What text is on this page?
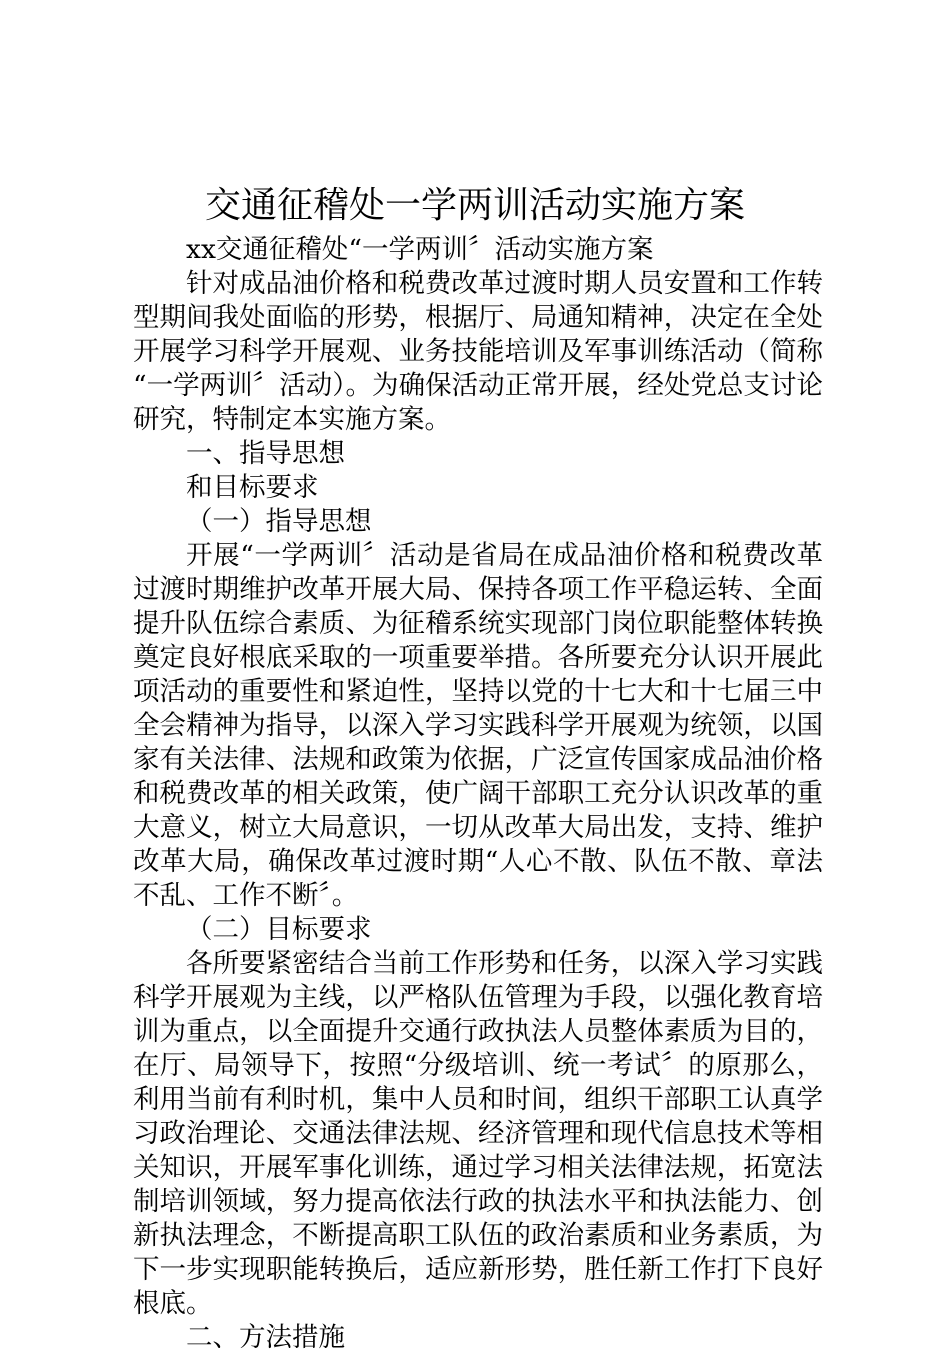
交通征稽处一学两训活动实施方案

xx交通征稽处“一学两训〞活动实施方案

针对成品油价格和税费改革过渡时期人员安置和工作转型期间我处面临的形势，根据厅、局通知精神，决定在全处开展学习科学开展观、业务技能培训及军事训练活动（简称“一学两训〞活动）。为确保活动正常开展，经处党总支讨论研究，特制定本实施方案。

一、指导思想

和目标要求

（一）指导思想

开展“一学两训〞活动是省局在成品油价格和税费改革过渡时期维护改革开展大局、保持各项工作平稳运转、全面提升队伍综合素质、为征稽系统实现部门岗位职能整体转换奠定良好根底采取的一项重要举措。各所要充分认识开展此项活动的重要性和紧迫性，坚持以党的十七大和十七届三中全会精神为指导，以深入学习实践科学开展观为统领，以国家有关法律、法规和政策为依据，广泛宣传国家成品油价格和税费改革的相关政策，使广阔干部职工充分认识改革的重大意义，树立大局意识，一切从改革大局出发，支持、维护改革大局，确保改革过渡时期“人心不散、队伍不散、章法不乱、工作不断〞。

（二）目标要求

各所要紧密结合当前工作形势和任务，以深入学习实践科学开展观为主线，以严格队伍管理为手段，以强化教育培训为重点，以全面提升交通行政执法人员整体素质为目的，在厅、局领导下，按照“分级培训、统一考试〞的原那么，利用当前有利时机，集中人员和时间，组织干部职工认真学习政治理论、交通法律法规、经济管理和现代信息技术等相关知识，开展军事化训练，通过学习相关法律法规，拓宽法制培训领域，努力提高依法行政的执法水平和执法能力、创新执法理念，不断提高职工队伍的政治素质和业务素质，为下一步实现职能转换后，适应新形势，胜任新工作打下良好根底。

二、方法措施
